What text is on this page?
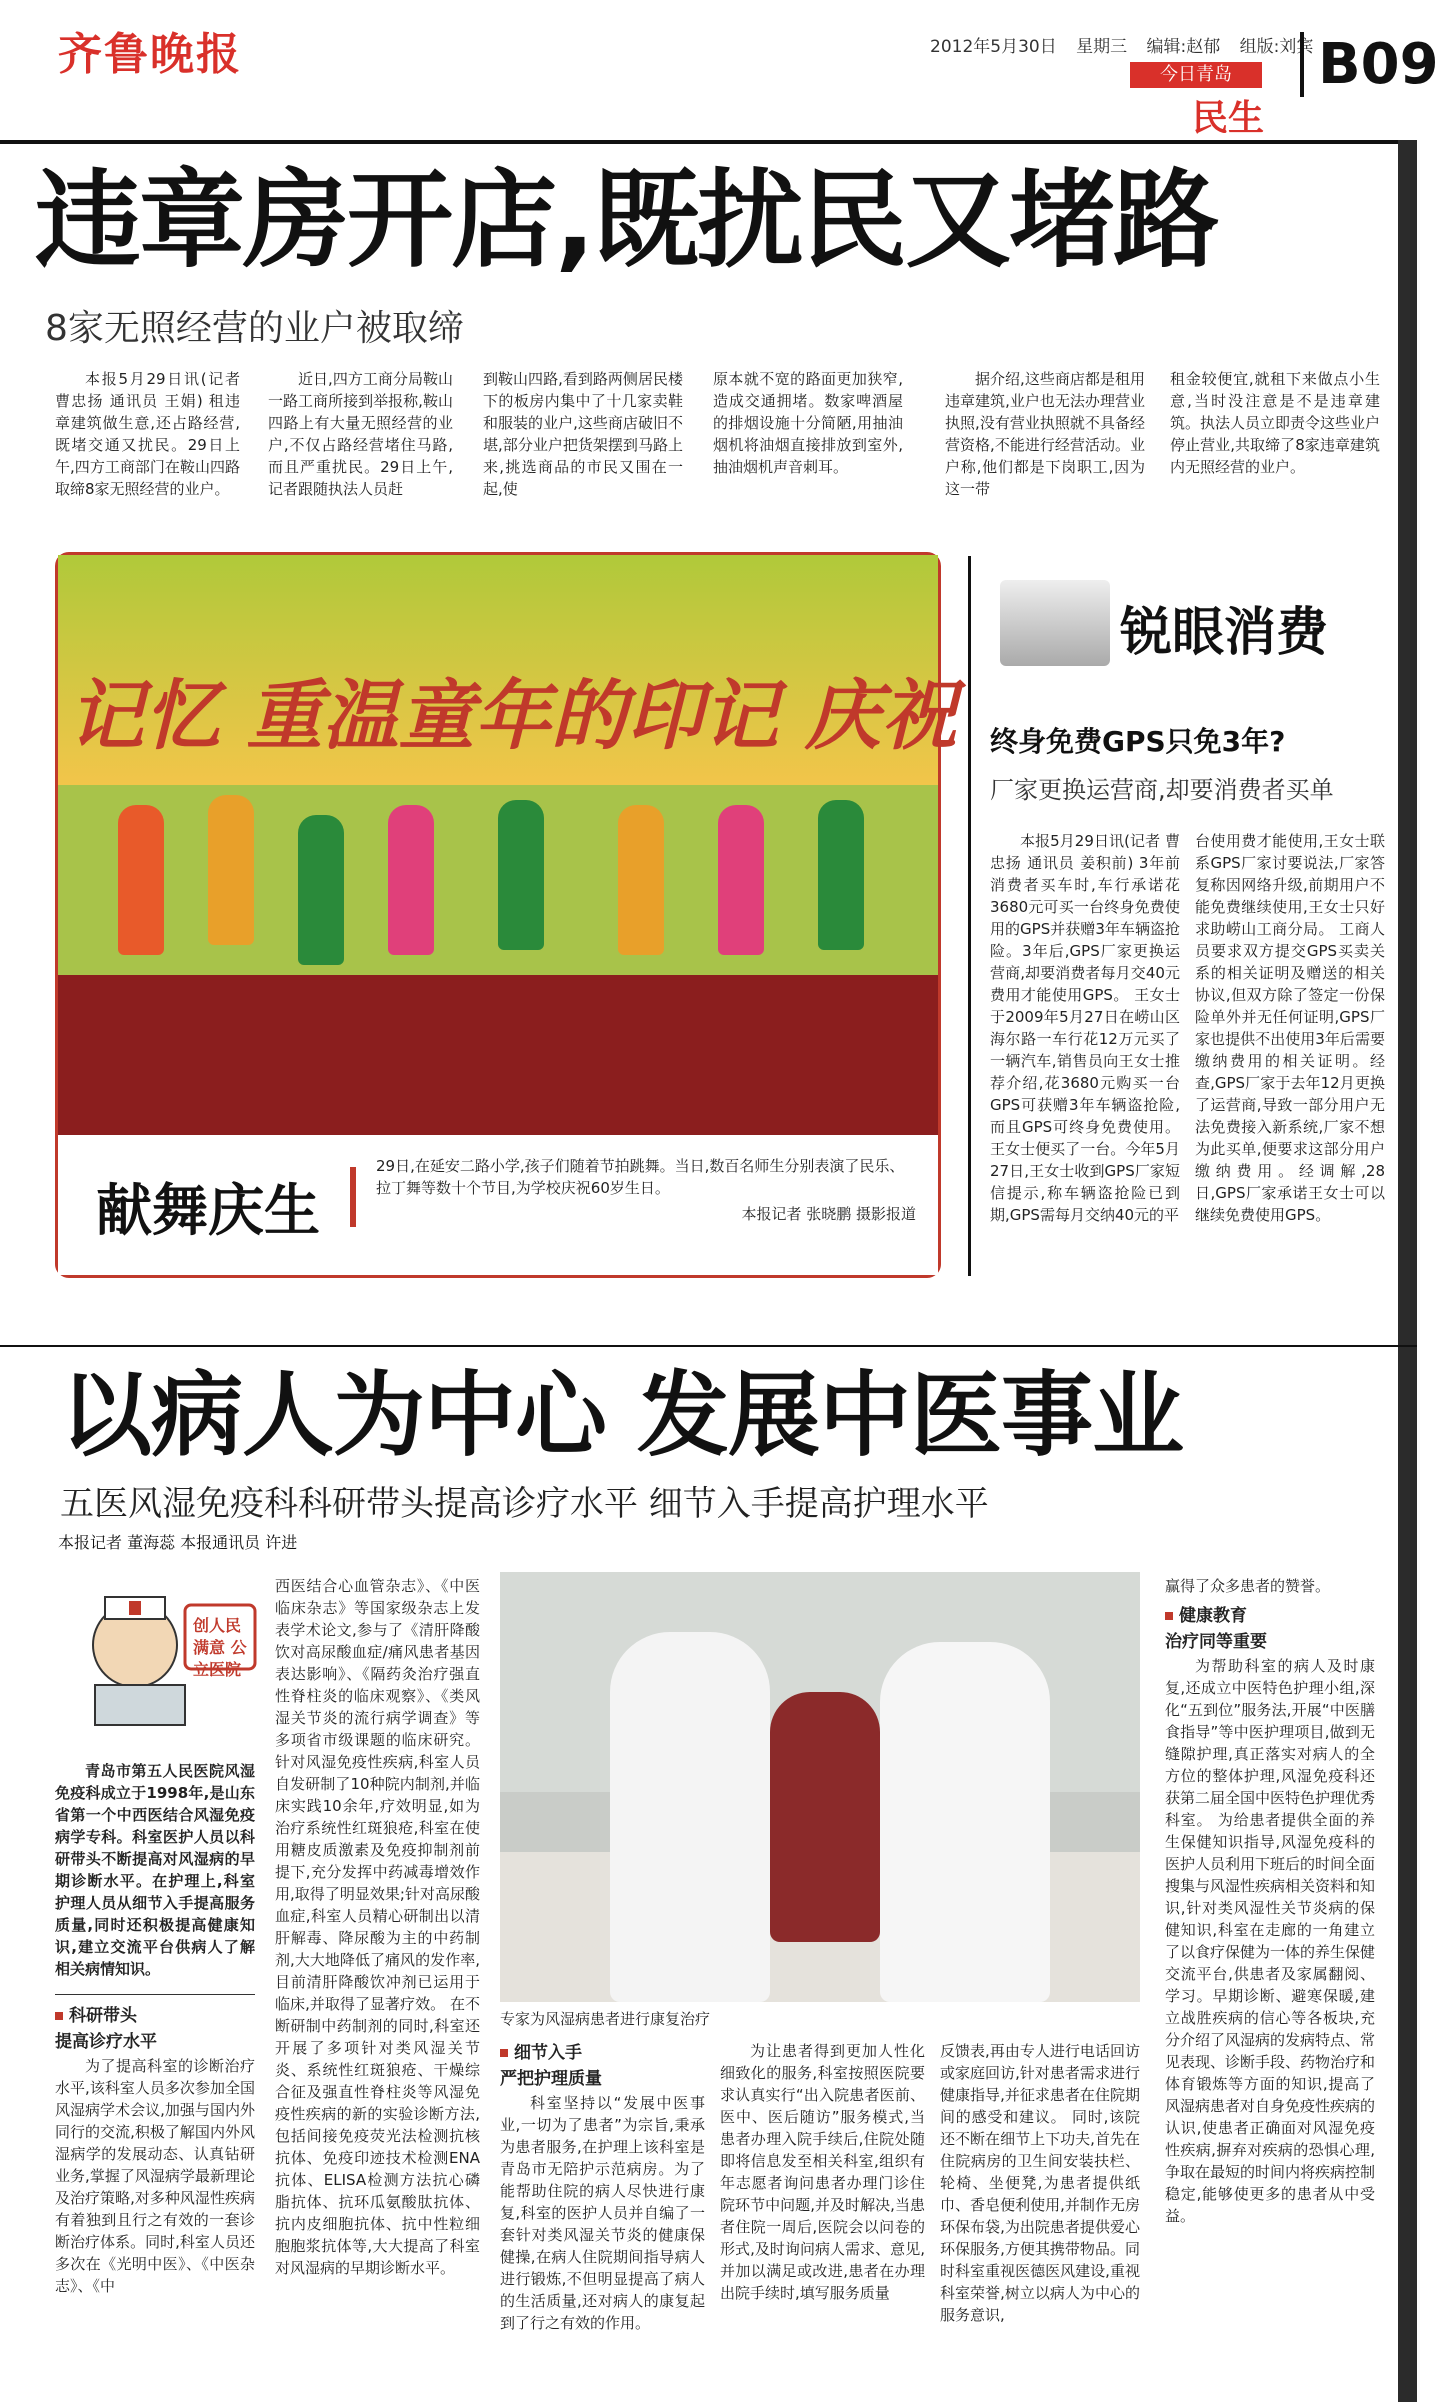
齐鲁晚报	2012年5月30日 星期三 编辑:赵郁 组版:刘宾
今日青岛
民生
B09
违章房开店,既扰民又堵路
8家无照经营的业户被取缔

本报5月29日讯(记者 曹忠扬 通讯员 王娟) 租违章建筑做生意,还占路经营,既堵交通又扰民。29日上午,四方工商部门在鞍山四路取缔8家无照经营的业户。

近日,四方工商分局鞍山一路工商所接到举报称,鞍山四路上有大量无照经营的业户,不仅占路经营堵住马路,而且严重扰民。29日上午,记者跟随执法人员赶

到鞍山四路,看到路两侧居民楼下的板房内集中了十几家卖鞋和服装的业户,这些商店破旧不堪,部分业户把货架摆到马路上来,挑选商品的市民又围在一起,使

原本就不宽的路面更加狭窄,造成交通拥堵。数家啤酒屋的排烟设施十分简陋,用抽油烟机将油烟直接排放到室外,抽油烟机声音刺耳。

据介绍,这些商店都是租用违章建筑,业户也无法办理营业执照,没有营业执照就不具备经营资格,不能进行经营活动。业户称,他们都是下岗职工,因为这一带

租金较便宜,就租下来做点小生意,当时没注意是不是违章建筑。执法人员立即责令这些业户停止营业,共取缔了8家违章建筑内无照经营的业户。

记忆 重温童年的印记 庆祝
献舞庆生
29日,在延安二路小学,孩子们随着节拍跳舞。当日,数百名师生分别表演了民乐、拉丁舞等数十个节目,为学校庆祝60岁生日。
本报记者 张晓鹏 摄影报道
锐眼消费
终身免费GPS只免3年?
厂家更换运营商,却要消费者买单

本报5月29日讯(记者 曹忠扬 通讯员 姜积前) 3年前消费者买车时,车行承诺花3680元可买一台终身免费使用的GPS并获赠3年车辆盗抢险。3年后,GPS厂家更换运营商,却要消费者每月交40元费用才能使用GPS。 王女士于2009年5月27日在崂山区海尔路一车行花12万元买了一辆汽车,销售员向王女士推荐介绍,花3680元购买一台GPS可获赠3年车辆盗抢险,而且GPS可终身免费使用。王女士便买了一台。今年5月27日,王女士收到GPS厂家短信提示,称车辆盗抢险已到期,GPS需每月交纳40元的平

台使用费才能使用,王女士联系GPS厂家讨要说法,厂家答复称因网络升级,前期用户不能免费继续使用,王女士只好求助崂山工商分局。 工商人员要求双方提交GPS买卖关系的相关证明及赠送的相关协议,但双方除了签定一份保险单外并无任何证明,GPS厂家也提供不出使用3年后需要缴纳费用的相关证明。经查,GPS厂家于去年12月更换了运营商,导致一部分用户无法免费接入新系统,厂家不想为此买单,便要求这部分用户缴纳费用。经调解,28日,GPS厂家承诺王女士可以继续免费使用GPS。

以病人为中心 发展中医事业
五医风湿免疫科科研带头提高诊疗水平 细节入手提高护理水平
本报记者 董海蕊 本报通讯员 许进
创人民满意 公立医院

青岛市第五人民医院风湿免疫科成立于1998年,是山东省第一个中西医结合风湿免疫病学专科。科室医护人员以科研带头不断提高对风湿病的早期诊断水平。在护理上,科室护理人员从细节入手提高服务质量,同时还积极提高健康知识,建立交流平台供病人了解相关病情知识。

科研带头
提高诊疗水平

为了提高科室的诊断治疗水平,该科室人员多次参加全国风湿病学术会议,加强与国内外同行的交流,积极了解国内外风湿病学的发展动态、认真钻研业务,掌握了风湿病学最新理论及治疗策略,对多种风湿性疾病有着独到且行之有效的一套诊断治疗体系。同时,科室人员还多次在《光明中医》、《中医杂志》、《中

西医结合心血管杂志》、《中医临床杂志》等国家级杂志上发表学术论文,参与了《清肝降酸饮对高尿酸血症/痛风患者基因表达影响》、《隔药灸治疗强直性脊柱炎的临床观察》、《类风湿关节炎的流行病学调查》等多项省市级课题的临床研究。 针对风湿免疫性疾病,科室人员自发研制了10种院内制剂,并临床实践10余年,疗效明显,如为治疗系统性红斑狼疮,科室在使用糖皮质激素及免疫抑制剂前提下,充分发挥中药减毒增效作用,取得了明显效果;针对高尿酸血症,科室人员精心研制出以清肝解毒、降尿酸为主的中药制剂,大大地降低了痛风的发作率,目前清肝降酸饮冲剂已运用于临床,并取得了显著疗效。 在不断研制中药制剂的同时,科室还开展了多项针对类风湿关节炎、系统性红斑狼疮、干燥综合征及强直性脊柱炎等风湿免疫性疾病的新的实验诊断方法,包括间接免疫荧光法检测抗核抗体、免疫印迹技术检测ENA抗体、ELISA检测方法抗心磷脂抗体、抗环瓜氨酸肽抗体、抗内皮细胞抗体、抗中性粒细胞胞浆抗体等,大大提高了科室对风湿病的早期诊断水平。

专家为风湿病患者进行康复治疗
细节入手
严把护理质量

科室坚持以“发展中医事业,一切为了患者”为宗旨,秉承为患者服务,在护理上该科室是青岛市无陪护示范病房。为了能帮助住院的病人尽快进行康复,科室的医护人员并自编了一套针对类风湿关节炎的健康保健操,在病人住院期间指导病人进行锻炼,不但明显提高了病人的生活质量,还对病人的康复起到了行之有效的作用。

为让患者得到更加人性化细致化的服务,科室按照医院要求认真实行“出入院患者医前、医中、医后随访”服务模式,当患者办理入院手续后,住院处随即将信息发至相关科室,组织有年志愿者询问患者办理门诊住院环节中问题,并及时解决,当患者住院一周后,医院会以问卷的形式,及时询问病人需求、意见,并加以满足或改进,患者在办理出院手续时,填写服务质量

反馈表,再由专人进行电话回访或家庭回访,针对患者需求进行健康指导,并征求患者在住院期间的感受和建议。 同时,该院还不断在细节上下功夫,首先在住院病房的卫生间安装扶栏、轮椅、坐便凳,为患者提供纸巾、香皂便利使用,并制作无房环保布袋,为出院患者提供爱心环保服务,方便其携带物品。同时科室重视医德医风建设,重视科室荣誉,树立以病人为中心的服务意识,

赢得了众多患者的赞誉。

健康教育
治疗同等重要

为帮助科室的病人及时康复,还成立中医特色护理小组,深化“五到位”服务法,开展“中医膳食指导”等中医护理项目,做到无缝隙护理,真正落实对病人的全方位的整体护理,风湿免疫科还获第二届全国中医特色护理优秀科室。 为给患者提供全面的养生保健知识指导,风湿免疫科的医护人员利用下班后的时间全面搜集与风湿性疾病相关资料和知识,针对类风湿性关节炎病的保健知识,科室在走廊的一角建立了以食疗保健为一体的养生保健交流平台,供患者及家属翻阅、学习。早期诊断、避寒保暖,建立战胜疾病的信心等各板块,充分介绍了风湿病的发病特点、常见表现、诊断手段、药物治疗和体育锻炼等方面的知识,提高了风湿病患者对自身免疫性疾病的认识,使患者正确面对风湿免疫性疾病,摒弃对疾病的恐惧心理,争取在最短的时间内将疾病控制稳定,能够使更多的患者从中受益。
